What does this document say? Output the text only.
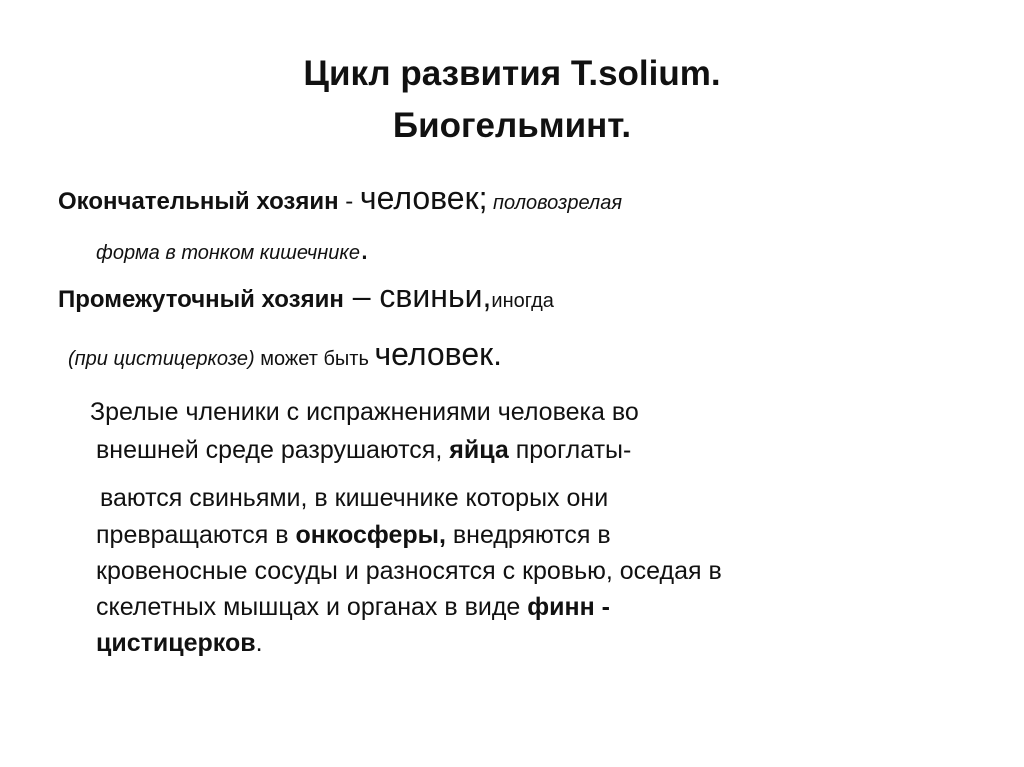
Цикл развития T.solium.
Биогельминт.
Окончательный хозяин - человек; половозрелая
форма в тонком кишечнике.
Промежуточный хозяин – свиньи,иногда
(при цистицеркозе) может быть человек.
Зрелые членики с испражнениями человека во
внешней среде разрушаются, яйца проглаты-
ваются свиньями, в кишечнике которых они
превращаются в онкосферы, внедряются в
кровеносные сосуды и разносятся с кровью, оседая в
скелетных мышцах и органах в виде финн -
цистицерков.
